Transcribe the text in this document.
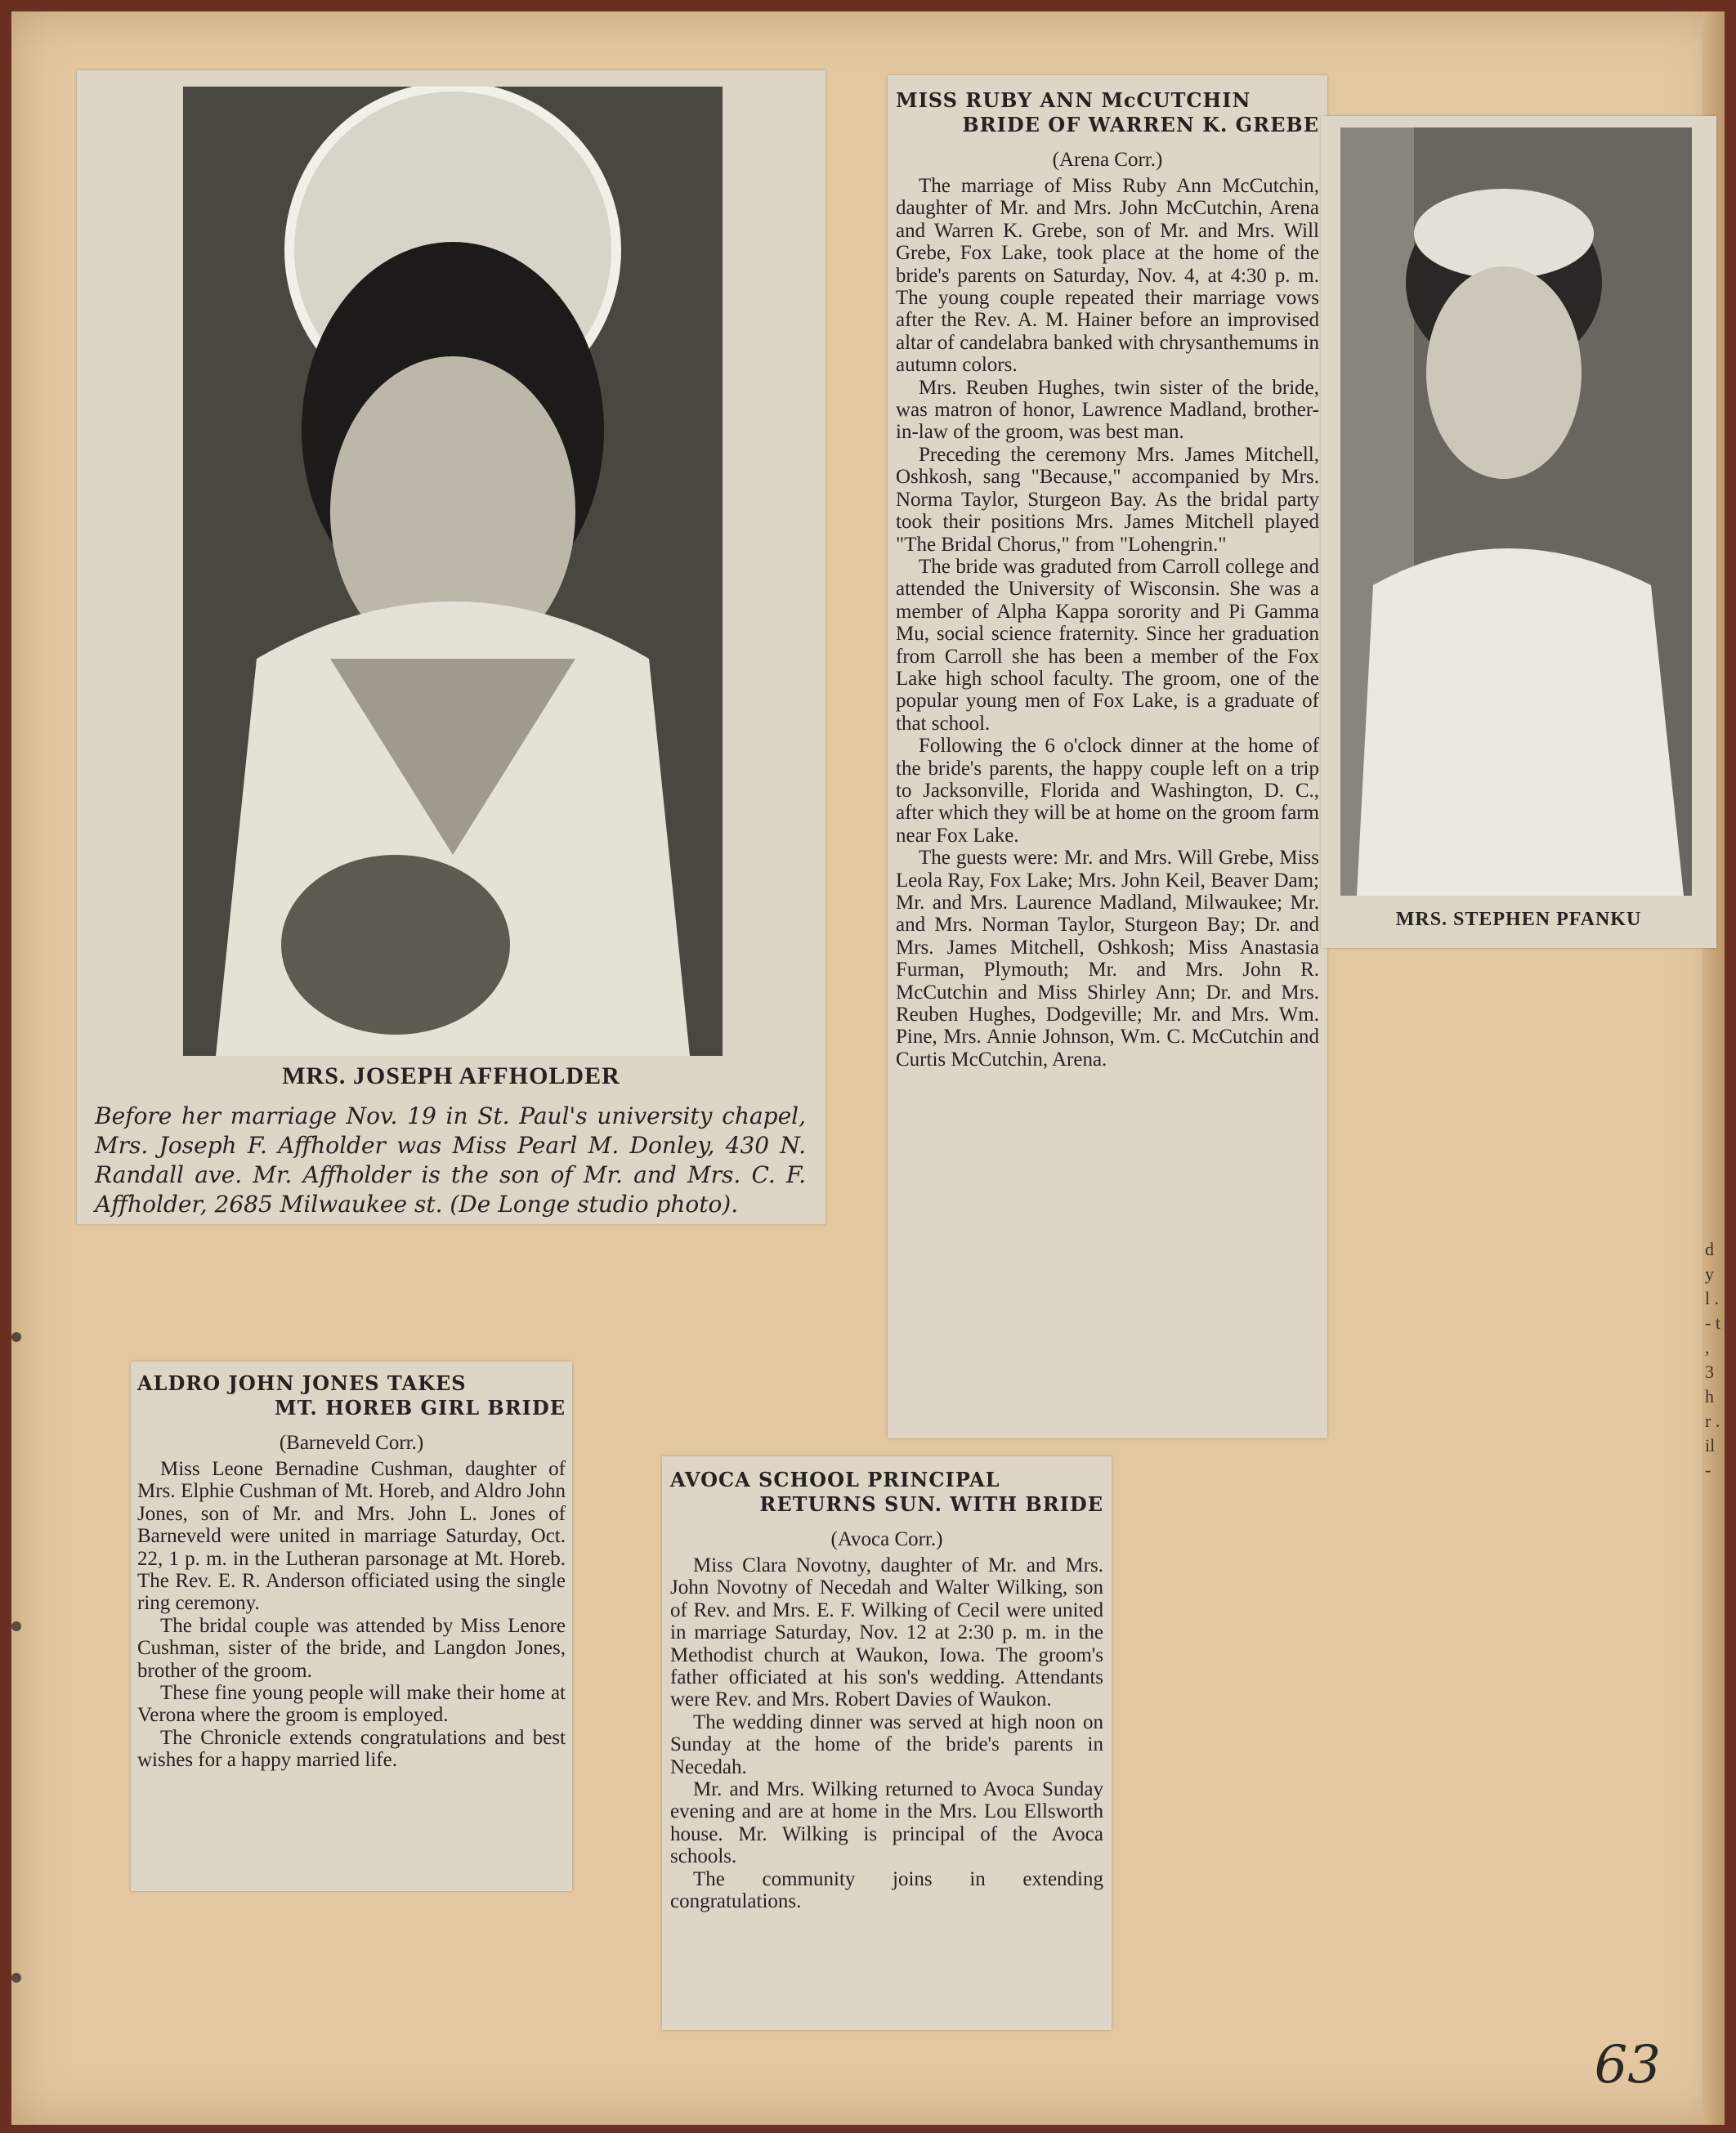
MRS. JOSEPH AFFHOLDER
Before her marriage Nov. 19 in St. Paul's university chapel, Mrs. Joseph F. Affholder was Miss Pearl M. Donley, 430 N. Randall ave. Mr. Affholder is the son of Mr. and Mrs. C. F. Affholder, 2685 Milwaukee st. (De Longe studio photo).
MISS RUBY ANN McCUTCHIN
BRIDE OF WARREN K. GREBE
(Arena Corr.)

The marriage of Miss Ruby Ann McCutchin, daughter of Mr. and Mrs. John McCutchin, Arena and Warren K. Grebe, son of Mr. and Mrs. Will Grebe, Fox Lake, took place at the home of the bride's parents on Saturday, Nov. 4, at 4:30 p. m. The young couple repeated their marriage vows after the Rev. A. M. Hainer before an improvised altar of candelabra banked with chrysanthemums in autumn colors.

Mrs. Reuben Hughes, twin sister of the bride, was matron of honor, Lawrence Madland, brother-in-law of the groom, was best man.

Preceding the ceremony Mrs. James Mitchell, Oshkosh, sang "Because," accompanied by Mrs. Norma Taylor, Sturgeon Bay. As the bridal party took their positions Mrs. James Mitchell played "The Bridal Chorus," from "Lohengrin."

The bride was graduted from Carroll college and attended the University of Wisconsin. She was a member of Alpha Kappa sorority and Pi Gamma Mu, social science fraternity. Since her graduation from Carroll she has been a member of the Fox Lake high school faculty. The groom, one of the popular young men of Fox Lake, is a graduate of that school.

Following the 6 o'clock dinner at the home of the bride's parents, the happy couple left on a trip to Jacksonville, Florida and Washington, D. C., after which they will be at home on the groom farm near Fox Lake.

The guests were: Mr. and Mrs. Will Grebe, Miss Leola Ray, Fox Lake; Mrs. John Keil, Beaver Dam; Mr. and Mrs. Laurence Madland, Milwaukee; Mr. and Mrs. Norman Taylor, Sturgeon Bay; Dr. and Mrs. James Mitchell, Oshkosh; Miss Anastasia Furman, Plymouth; Mr. and Mrs. John R. McCutchin and Miss Shirley Ann; Dr. and Mrs. Reuben Hughes, Dodgeville; Mr. and Mrs. Wm. Pine, Mrs. Annie Johnson, Wm. C. McCutchin and Curtis McCutchin, Arena.

MRS. STEPHEN PFANKU
ALDRO JOHN JONES TAKES
MT. HOREB GIRL BRIDE
(Barneveld Corr.)

Miss Leone Bernadine Cushman, daughter of Mrs. Elphie Cushman of Mt. Horeb, and Aldro John Jones, son of Mr. and Mrs. John L. Jones of Barneveld were united in marriage Saturday, Oct. 22, 1 p. m. in the Lutheran parsonage at Mt. Horeb. The Rev. E. R. Anderson officiated using the single ring ceremony.

The bridal couple was attended by Miss Lenore Cushman, sister of the bride, and Langdon Jones, brother of the groom.

These fine young people will make their home at Verona where the groom is employed.

The Chronicle extends congratulations and best wishes for a happy married life.

AVOCA SCHOOL PRINCIPAL
RETURNS SUN. WITH BRIDE
(Avoca Corr.)

Miss Clara Novotny, daughter of Mr. and Mrs. John Novotny of Necedah and Walter Wilking, son of Rev. and Mrs. E. F. Wilking of Cecil were united in marriage Saturday, Nov. 12 at 2:30 p. m. in the Methodist church at Waukon, Iowa. The groom's father officiated at his son's wedding. Attendants were Rev. and Mrs. Robert Davies of Waukon.

The wedding dinner was served at high noon on Sunday at the home of the bride's parents in Necedah.

Mr. and Mrs. Wilking returned to Avoca Sunday evening and are at home in the Mrs. Lou Ellsworth house. Mr. Wilking is principal of the Avoca schools.

The community joins in extending congratulations.

d y l . - t , 3 h r . il -
63
